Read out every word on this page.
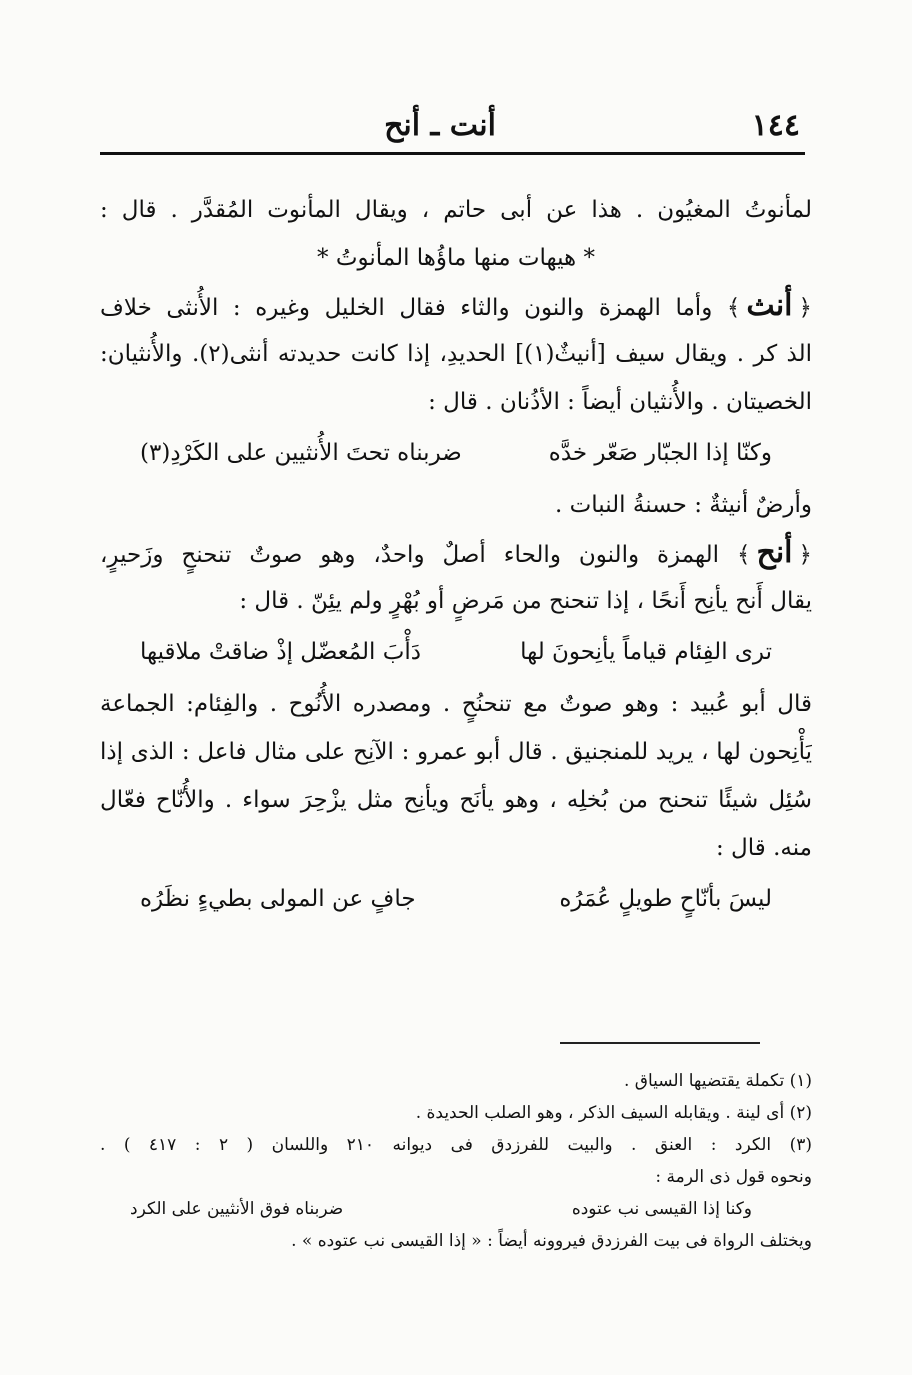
١٤٤
أنت ـ أنح
لمأنوتُ المغيُون . هذا عن أبى حاتم ، ويقال المأنوت المُقدَّر . قال :
* هيهات منها ماؤُها المأنوتُ *
﴿أنث﴾ وأما الهمزة والنون والثاء فقال الخليل وغيره : الأُنثى خلاف
الذ كر . ويقال سيف [أنيثٌ(١)] الحديدِ، إذا كانت حديدته أنثى(٢). والأُنثيان:
الخصيتان . والأُنثيان أيضاً : الأذُنان . قال :
وكنّا إذا الجبّار صَعّر خدَّه
ضربناه تحتَ الأُنثيين على الكَرْدِ(٣)
وأرضٌ أنيثةٌ : حسنةُ النبات .
﴿أنح﴾ الهمزة والنون والحاء أصلٌ واحدٌ، وهو صوتٌ تنحنحٍ وزَحيرٍ،
يقال أَنح يأنِح أَنحًا ، إذا تنحنح من مَرضٍ أو بُهْرٍ ولم يئِنّ . قال :
ترى الفِئام قياماً يأنِحونَ لها
دَأْبَ المُعضّل إذْ ضاقتْ ملاقيها
قال أبو عُبيد : وهو صوتٌ مع تنحنُحٍ . ومصدره الأُنُوح . والفِئام: الجماعة
يَأْنِحون لها ، يريد للمنجنيق . قال أبو عمرو : الآنِح على مثال فاعل : الذى إذا
سُئِل شيئًا تنحنح من بُخلِه ، وهو يأنَح ويأنِح مثل يزْحِرَ سواء . والأُنّاح فعّال
منه. قال :
ليسَ بأنّاحٍ طويلٍ عُمَرُه
جافٍ عن المولى بطيءٍ نظَرُه
(١) تكملة يقتضيها السياق .
(٢) أى لينة . ويقابله السيف الذكر ، وهو الصلب الحديدة .
(٣) الكرد : العنق . والبيت للفرزدق فى ديوانه ٢١٠ واللسان ( ٢ : ٤١٧ ) .
ونحوه قول ذى الرمة :
وكنا إذا القيسى نب عتوده
ضربناه فوق الأنثيين على الكرد
ويختلف الرواة فى بيت الفرزدق فيروونه أيضاً : « إذا القيسى نب عتوده » .
